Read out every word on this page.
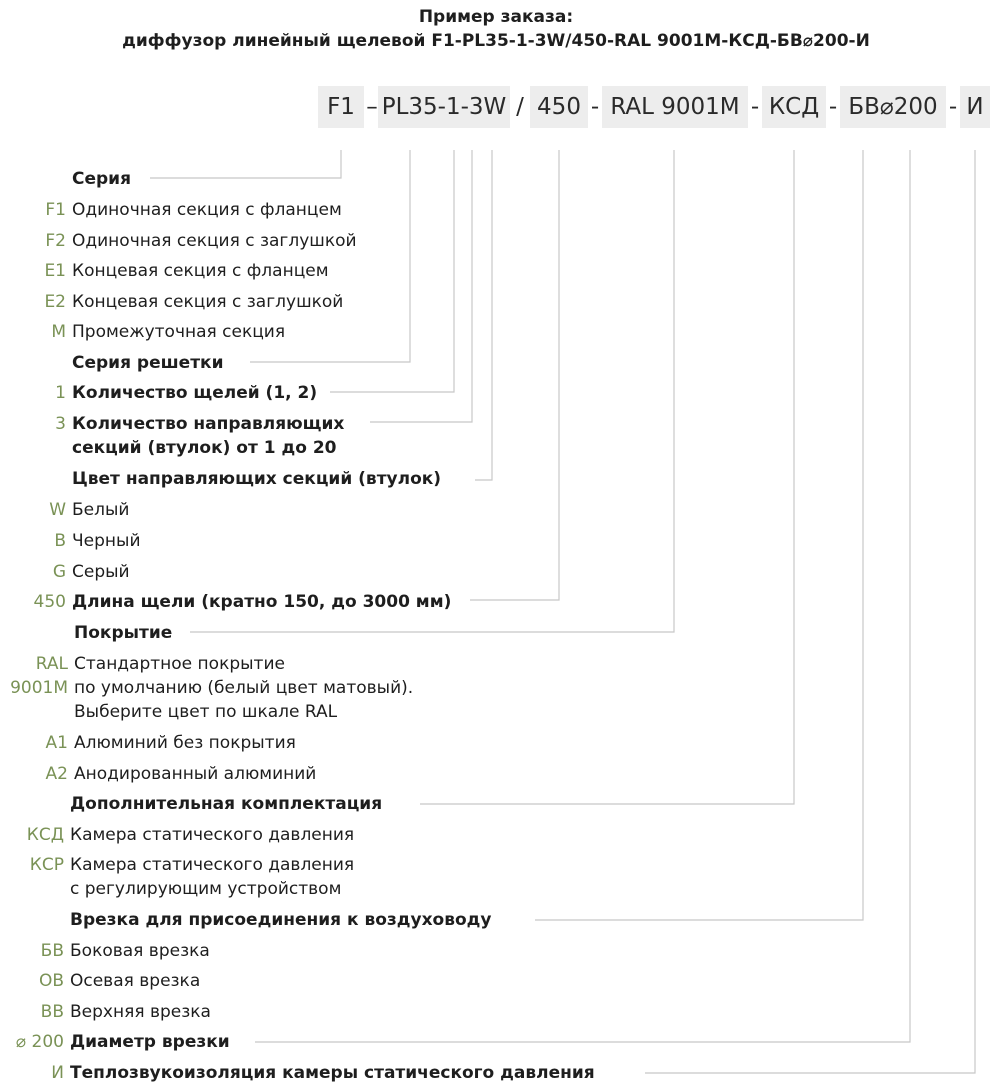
Пример заказа:
диффузор линейный щелевой F1-PL35-1-3W/450-RAL 9001M-КСД-БВ⌀200-И
F1 – PL35-1-3W / 450 - RAL 9001M - КСД - БВ⌀200 - И
Серия
F1 Одиночная секция с фланцем
F2 Одиночная секция с заглушкой
E1 Концевая секция с фланцем
E2 Концевая секция с заглушкой
M Промежуточная секция
Серия решетки
1 Количество щелей (1, 2)
3 Количество направляющих
секций (втулок) от 1 до 20
Цвет направляющих секций (втулок)
W Белый
B Черный
G Серый
450 Длина щели (кратно 150, до 3000 мм)
Покрытие
RAL
9001M
Стандартное покрытие
по умолчанию (белый цвет матовый).
Выберите цвет по шкале RAL
A1 Алюминий без покрытия
A2 Анодированный алюминий
Дополнительная комплектация
КСД Камера статического давления
КСР Камера статического давления
с регулирующим устройством
Врезка для присоединения к воздуховоду
БВ Боковая врезка
ОВ Осевая врезка
ВВ Верхняя врезка
⌀ 200 Диаметр врезки
И Теплозвукоизоляция камеры статического давления
